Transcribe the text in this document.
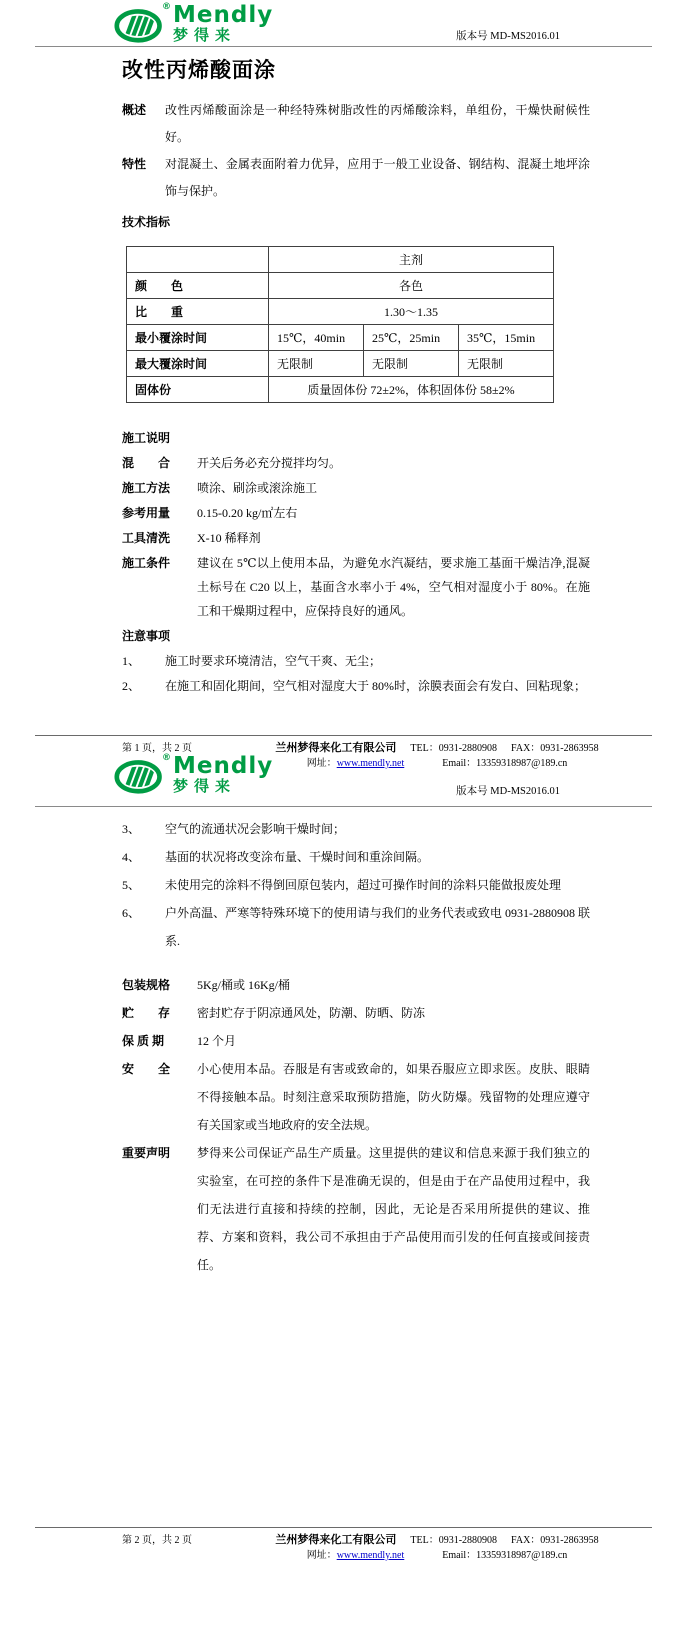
® Mendly
梦得来	版本号 MD-MS2016.01
改性丙烯酸面涂
概述	改性丙烯酸面涂是一种经特殊树脂改性的丙烯酸涂料，单组份，干燥快耐候性好。
特性	对混凝土、金属表面附着力优异，应用于一般工业设备、钢结构、混凝土地坪涂饰与保护。
技术指标
	主剂		
颜　　色	各色		
比　　重	1.30～1.35		
最小覆涂时间	15℃，40min	25℃，25min	35℃，15min
最大覆涂时间	无限制	无限制	无限制
固体份	质量固体份 72±2%，体积固体份 58±2%		
施工说明
混　　合	开关后务必充分搅拌均匀。
施工方法	喷涂、刷涂或滚涂施工
参考用量	0.15-0.20 kg/㎡左右
工具清洗	X-10 稀释剂
施工条件	建议在 5℃以上使用本品，为避免水汽凝结，要求施工基面干燥洁净,混凝土标号在 C20 以上，基面含水率小于 4%，空气相对湿度小于 80%。在施工和干燥期过程中，应保持良好的通风。
注意事项
1、	施工时要求环境清洁，空气干爽、无尘；
2、	在施工和固化期间，空气相对湿度大于 80%时，涂膜表面会有发白、回粘现象；
第 1 页，共 2 页	兰州梦得来化工有限公司 TEL：0931-2880908 FAX：0931-2863958
网址：www.mendly.net	Email：13359318987@189.cn
® Mendly
梦得来	版本号 MD-MS2016.01
3、	空气的流通状况会影响干燥时间；
4、	基面的状况将改变涂布量、干燥时间和重涂间隔。
5、	未使用完的涂料不得倒回原包装内，超过可操作时间的涂料只能做报废处理
6、	户外高温、严寒等特殊环境下的使用请与我们的业务代表或致电 0931-2880908 联系.
包装规格	5Kg/桶或 16Kg/桶
贮　　存	密封贮存于阴凉通风处，防潮、防晒、防冻
保 质 期	12 个月
安　　全	小心使用本品。吞服是有害或致命的，如果吞服应立即求医。皮肤、眼睛不得接触本品。时刻注意采取预防措施，防火防爆。残留物的处理应遵守有关国家或当地政府的安全法规。
重要声明	梦得来公司保证产品生产质量。这里提供的建议和信息来源于我们独立的实验室，在可控的条件下是准确无误的，但是由于在产品使用过程中，我们无法进行直接和持续的控制，因此，无论是否采用所提供的建议、推荐、方案和资料，我公司不承担由于产品使用而引发的任何直接或间接责任。
第 2 页，共 2 页	兰州梦得来化工有限公司 TEL：0931-2880908 FAX：0931-2863958
网址：www.mendly.net	Email：13359318987@189.cn
